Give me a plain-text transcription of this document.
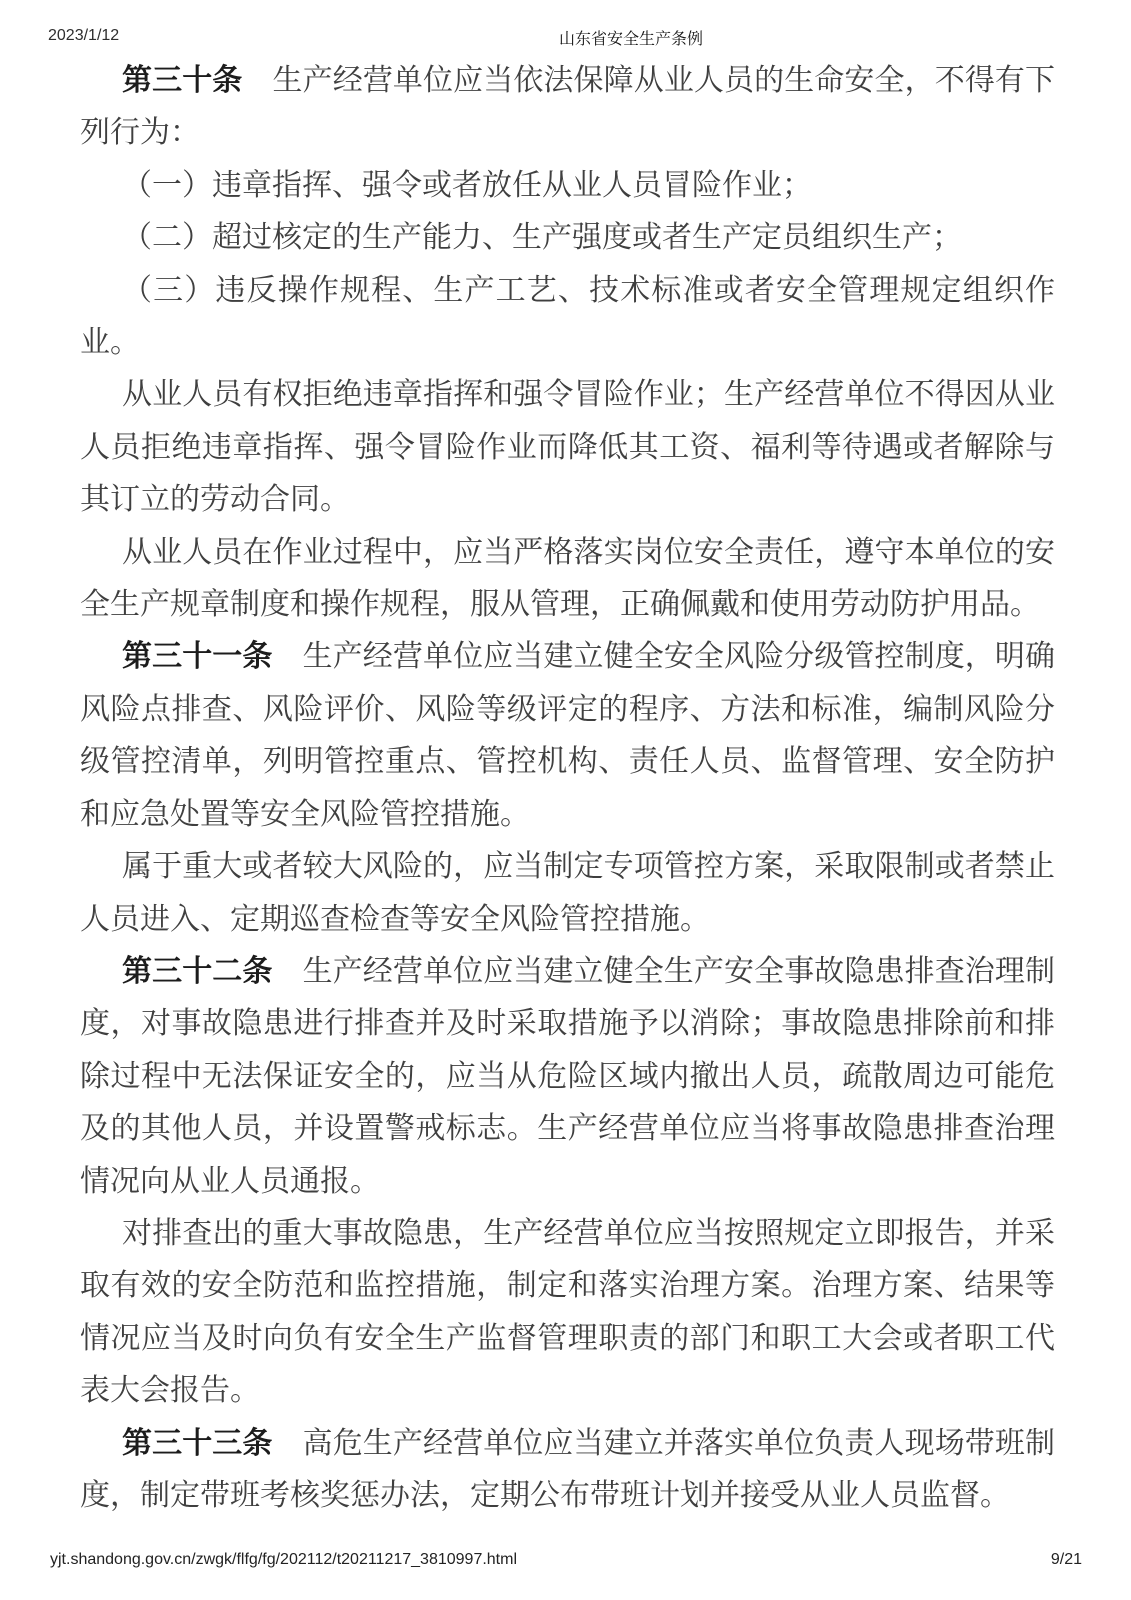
2023/1/12	山东省安全生产条例

第三十条 生产经营单位应当依法保障从业人员的生命安全，不得有下列行为：

（一）违章指挥、强令或者放任从业人员冒险作业；

（二）超过核定的生产能力、生产强度或者生产定员组织生产；

（三）违反操作规程、生产工艺、技术标准或者安全管理规定组织作业。

从业人员有权拒绝违章指挥和强令冒险作业；生产经营单位不得因从业人员拒绝违章指挥、强令冒险作业而降低其工资、福利等待遇或者解除与其订立的劳动合同。

从业人员在作业过程中，应当严格落实岗位安全责任，遵守本单位的安全生产规章制度和操作规程，服从管理，正确佩戴和使用劳动防护用品。

第三十一条 生产经营单位应当建立健全安全风险分级管控制度，明确风险点排查、风险评价、风险等级评定的程序、方法和标准，编制风险分级管控清单，列明管控重点、管控机构、责任人员、监督管理、安全防护和应急处置等安全风险管控措施。

属于重大或者较大风险的，应当制定专项管控方案，采取限制或者禁止人员进入、定期巡查检查等安全风险管控措施。

第三十二条 生产经营单位应当建立健全生产安全事故隐患排查治理制度，对事故隐患进行排查并及时采取措施予以消除；事故隐患排除前和排除过程中无法保证安全的，应当从危险区域内撤出人员，疏散周边可能危及的其他人员，并设置警戒标志。生产经营单位应当将事故隐患排查治理情况向从业人员通报。

对排查出的重大事故隐患，生产经营单位应当按照规定立即报告，并采取有效的安全防范和监控措施，制定和落实治理方案。治理方案、结果等情况应当及时向负有安全生产监督管理职责的部门和职工大会或者职工代表大会报告。

第三十三条 高危生产经营单位应当建立并落实单位负责人现场带班制度，制定带班考核奖惩办法，定期公布带班计划并接受从业人员监督。

yjt.shandong.gov.cn/zwgk/flfg/fg/202112/t20211217_3810997.html	9/21
